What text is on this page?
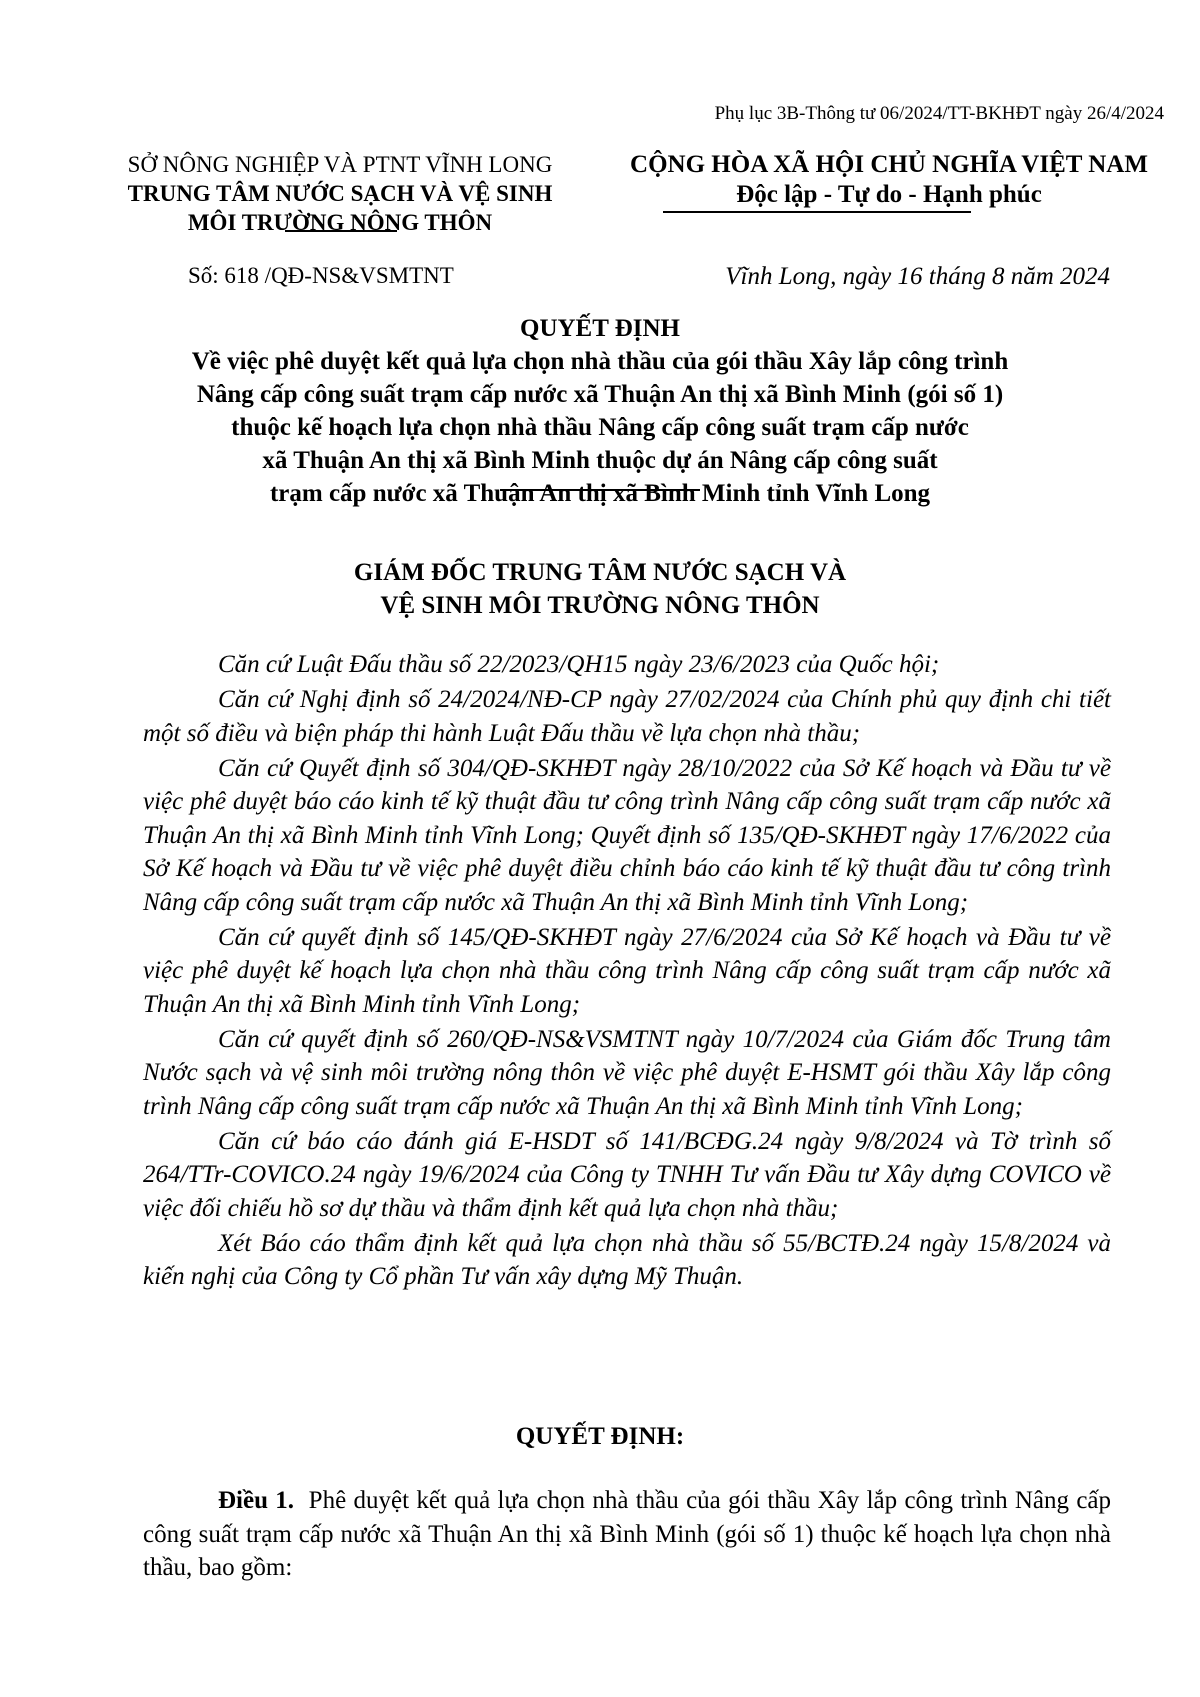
Phụ lục 3B-Thông tư 06/2024/TT-BKHĐT ngày 26/4/2024
SỞ NÔNG NGHIỆP VÀ PTNT VĨNH LONG
TRUNG TÂM NƯỚC SẠCH VÀ VỆ SINH
MÔI TRƯỜNG NÔNG THÔN
CỘNG HÒA XÃ HỘI CHỦ NGHĨA VIỆT NAM
Độc lập - Tự do - Hạnh phúc
Số: 618 /QĐ-NS&VSMTNT	Vĩnh Long, ngày 16 tháng 8 năm 2024
QUYẾT ĐỊNH
Về việc phê duyệt kết quả lựa chọn nhà thầu của gói thầu Xây lắp công trình
Nâng cấp công suất trạm cấp nước xã Thuận An thị xã Bình Minh (gói số 1)
thuộc kế hoạch lựa chọn nhà thầu Nâng cấp công suất trạm cấp nước
xã Thuận An thị xã Bình Minh thuộc dự án Nâng cấp công suất
trạm cấp nước xã Thuận An thị xã Bình Minh tỉnh Vĩnh Long
GIÁM ĐỐC TRUNG TÂM NƯỚC SẠCH VÀ
VỆ SINH MÔI TRƯỜNG NÔNG THÔN

Căn cứ Luật Đấu thầu số 22/2023/QH15 ngày 23/6/2023 của Quốc hội;

Căn cứ Nghị định số 24/2024/NĐ-CP ngày 27/02/2024 của Chính phủ quy định chi tiết một số điều và biện pháp thi hành Luật Đấu thầu về lựa chọn nhà thầu;

Căn cứ Quyết định số 304/QĐ-SKHĐT ngày 28/10/2022 của Sở Kế hoạch và Đầu tư về việc phê duyệt báo cáo kinh tế kỹ thuật đầu tư công trình Nâng cấp công suất trạm cấp nước xã Thuận An thị xã Bình Minh tỉnh Vĩnh Long; Quyết định số 135/QĐ-SKHĐT ngày 17/6/2022 của Sở Kế hoạch và Đầu tư về việc phê duyệt điều chỉnh báo cáo kinh tế kỹ thuật đầu tư công trình Nâng cấp công suất trạm cấp nước xã Thuận An thị xã Bình Minh tỉnh Vĩnh Long;

Căn cứ quyết định số 145/QĐ-SKHĐT ngày 27/6/2024 của Sở Kế hoạch và Đầu tư về việc phê duyệt kế hoạch lựa chọn nhà thầu công trình Nâng cấp công suất trạm cấp nước xã Thuận An thị xã Bình Minh tỉnh Vĩnh Long;

Căn cứ quyết định số 260/QĐ-NS&VSMTNT ngày 10/7/2024 của Giám đốc Trung tâm Nước sạch và vệ sinh môi trường nông thôn về việc phê duyệt E-HSMT gói thầu Xây lắp công trình Nâng cấp công suất trạm cấp nước xã Thuận An thị xã Bình Minh tỉnh Vĩnh Long;

Căn cứ báo cáo đánh giá E-HSDT số 141/BCĐG.24 ngày 9/8/2024 và Tờ trình số 264/TTr-COVICO.24 ngày 19/6/2024 của Công ty TNHH Tư vấn Đầu tư Xây dựng COVICO về việc đối chiếu hồ sơ dự thầu và thẩm định kết quả lựa chọn nhà thầu;

Xét Báo cáo thẩm định kết quả lựa chọn nhà thầu số 55/BCTĐ.24 ngày 15/8/2024 và kiến nghị của Công ty Cổ phần Tư vấn xây dựng Mỹ Thuận.

QUYẾT ĐỊNH:

Điều 1. Phê duyệt kết quả lựa chọn nhà thầu của gói thầu Xây lắp công trình Nâng cấp công suất trạm cấp nước xã Thuận An thị xã Bình Minh (gói số 1) thuộc kế hoạch lựa chọn nhà thầu, bao gồm:
